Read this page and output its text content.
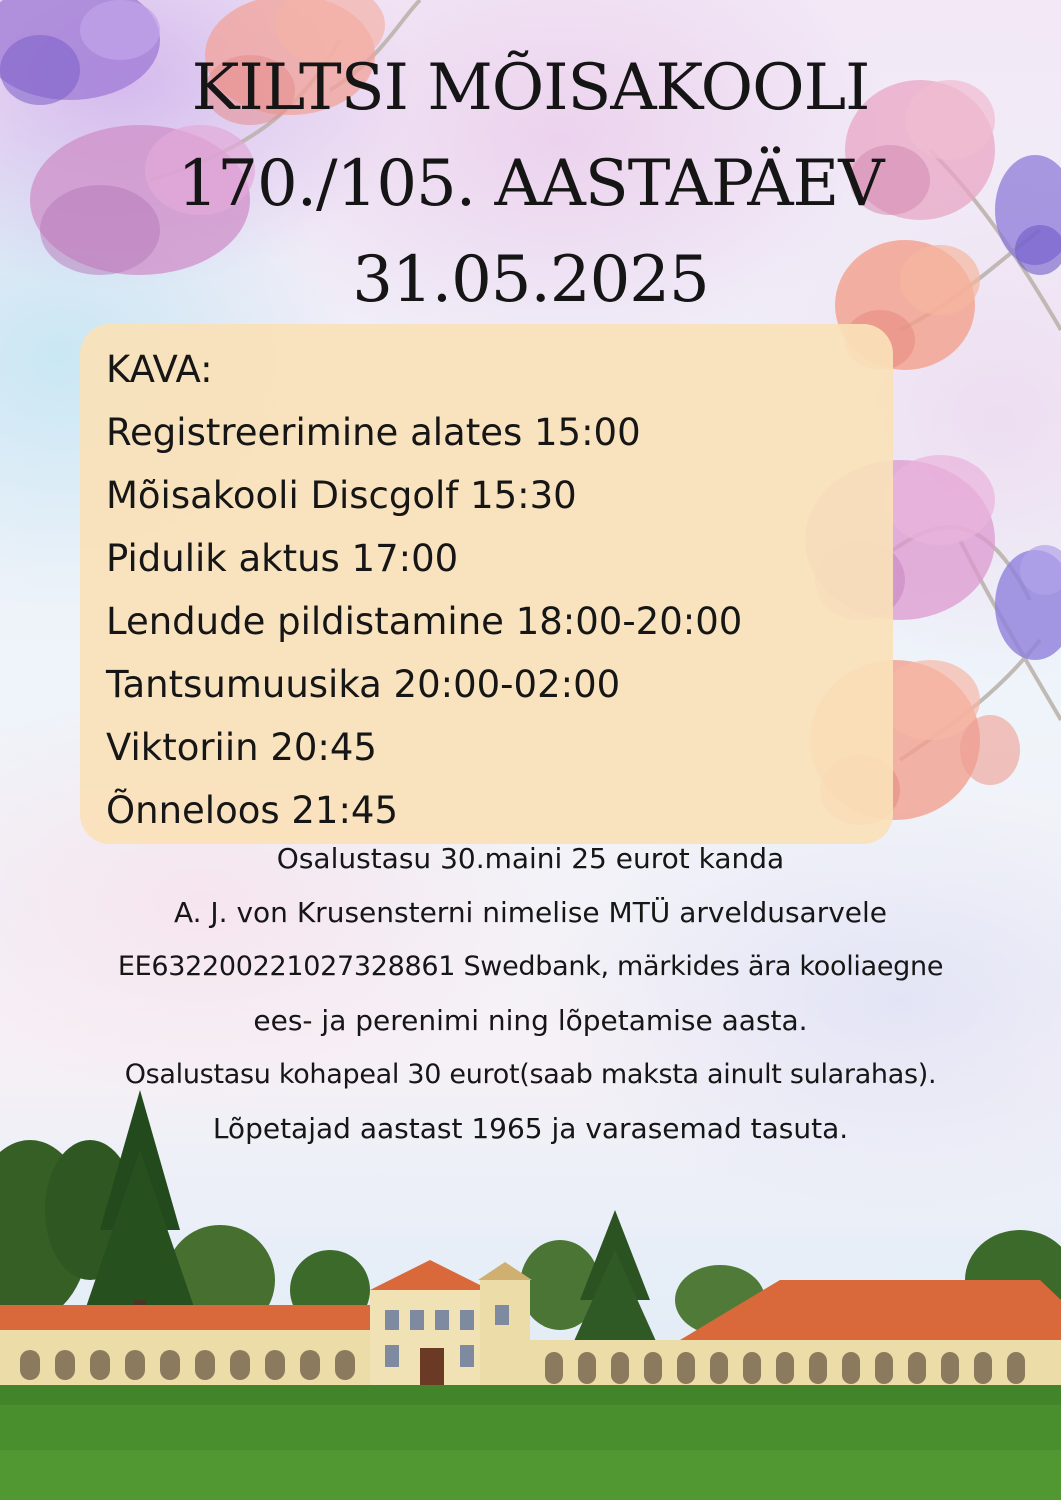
KILTSI MÕISAKOOLI
170./105. AASTAPÄEV
31.05.2025
KAVA:
Registreerimine alates 15:00
Mõisakooli Discgolf 15:30
Pidulik aktus 17:00
Lendude pildistamine 18:00-20:00
Tantsumuusika 20:00-02:00
Viktoriin 20:45
Õnneloos 21:45
Osalustasu 30.maini 25 eurot kanda
A. J. von Krusensterni nimelise MTÜ arveldusarvele
EE632200221027328861 Swedbank, märkides ära kooliaegne
ees- ja perenimi ning lõpetamise aasta.
Osalustasu kohapeal 30 eurot(saab maksta ainult sularahas).
Lõpetajad aastast 1965 ja varasemad tasuta.
